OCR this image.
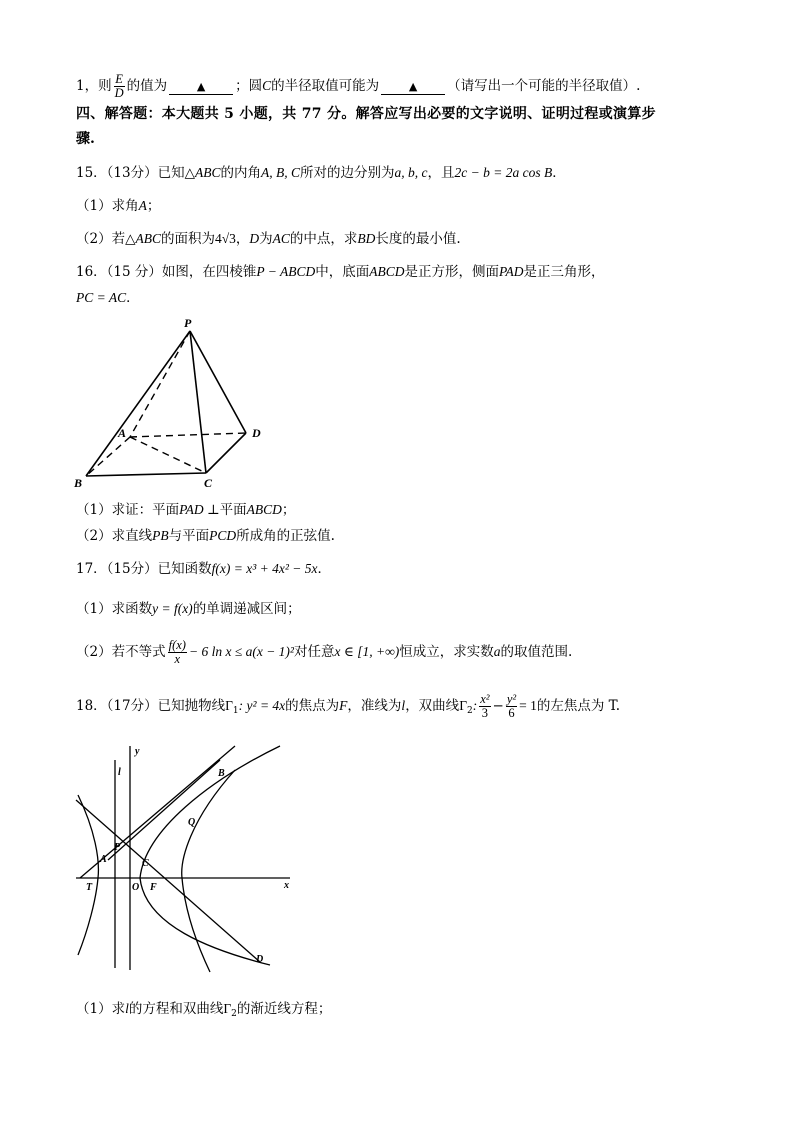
1，则 $\frac{E}{D}$ 的值为	▲ ；圆C的半径取值可能为	▲ （请写出一个可能的半径取值）.
四、解答题：本大题共 5 小题，共 77 分。解答应写出必要的文字说明、证明过程或演算步
骤.
15．（13分）已知△ABC的内角A, B, C所对的边分别为a, b, c，且2c − b = 2a cos B．
（1）求角A；
（2）若△ABC的面积为4√3，D为AC的中点，求BD长度的最小值.
16．（15 分）如图，在四棱锥P − ABCD中，底面ABCD是正方形，侧面PAD是正三角形，
PC = AC．
P
A
B	C
D
（1）求证：平面PAD ⊥平面ABCD；
（2）求直线PB与平面PCD所成角的正弦值.
17．（15分）已知函数f(x) = x³ + 4x² − 5x．
（1）求函数y = f(x)的单调递减区间；
（2）若不等式 $\frac{f(x)}{x} - 6$ ln x ≤ a(x − 1)²对任意x ∈ [1, +∞)恒成立，求实数a的取值范围.
18．（17分）已知抛物线$\Gamma_1$: y² = 4x的焦点为F，准线为l，双曲线$\Gamma_2$: $\frac{\text{x²}}{3} - \frac{\text{y²}}{6} = 1$的左焦点为 T.
y
l	B
Q
P
A	C
T	O F	x
D
（1）求l的方程和双曲线$\Gamma_2$的渐近线方程；
